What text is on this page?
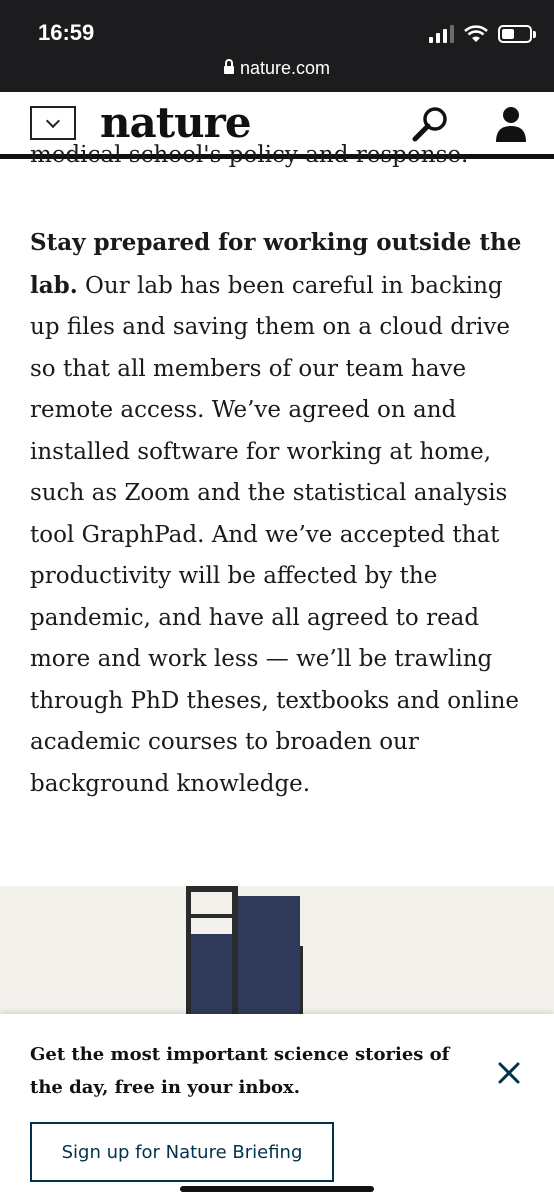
16:59
nature.com
nature
medical school's policy and response.
Stay prepared for working outside the lab. Our lab has been careful in backing up files and saving them on a cloud drive so that all members of our team have remote access. We’ve agreed on and installed software for working at home, such as Zoom and the statistical analysis tool GraphPad. And we’ve accepted that productivity will be affected by the pandemic, and have all agreed to read more and work less — we’ll be trawling through PhD theses, textbooks and online academic courses to broaden our background knowledge.
Get the most important science stories of the day, free in your inbox.
Sign up for Nature Briefing
